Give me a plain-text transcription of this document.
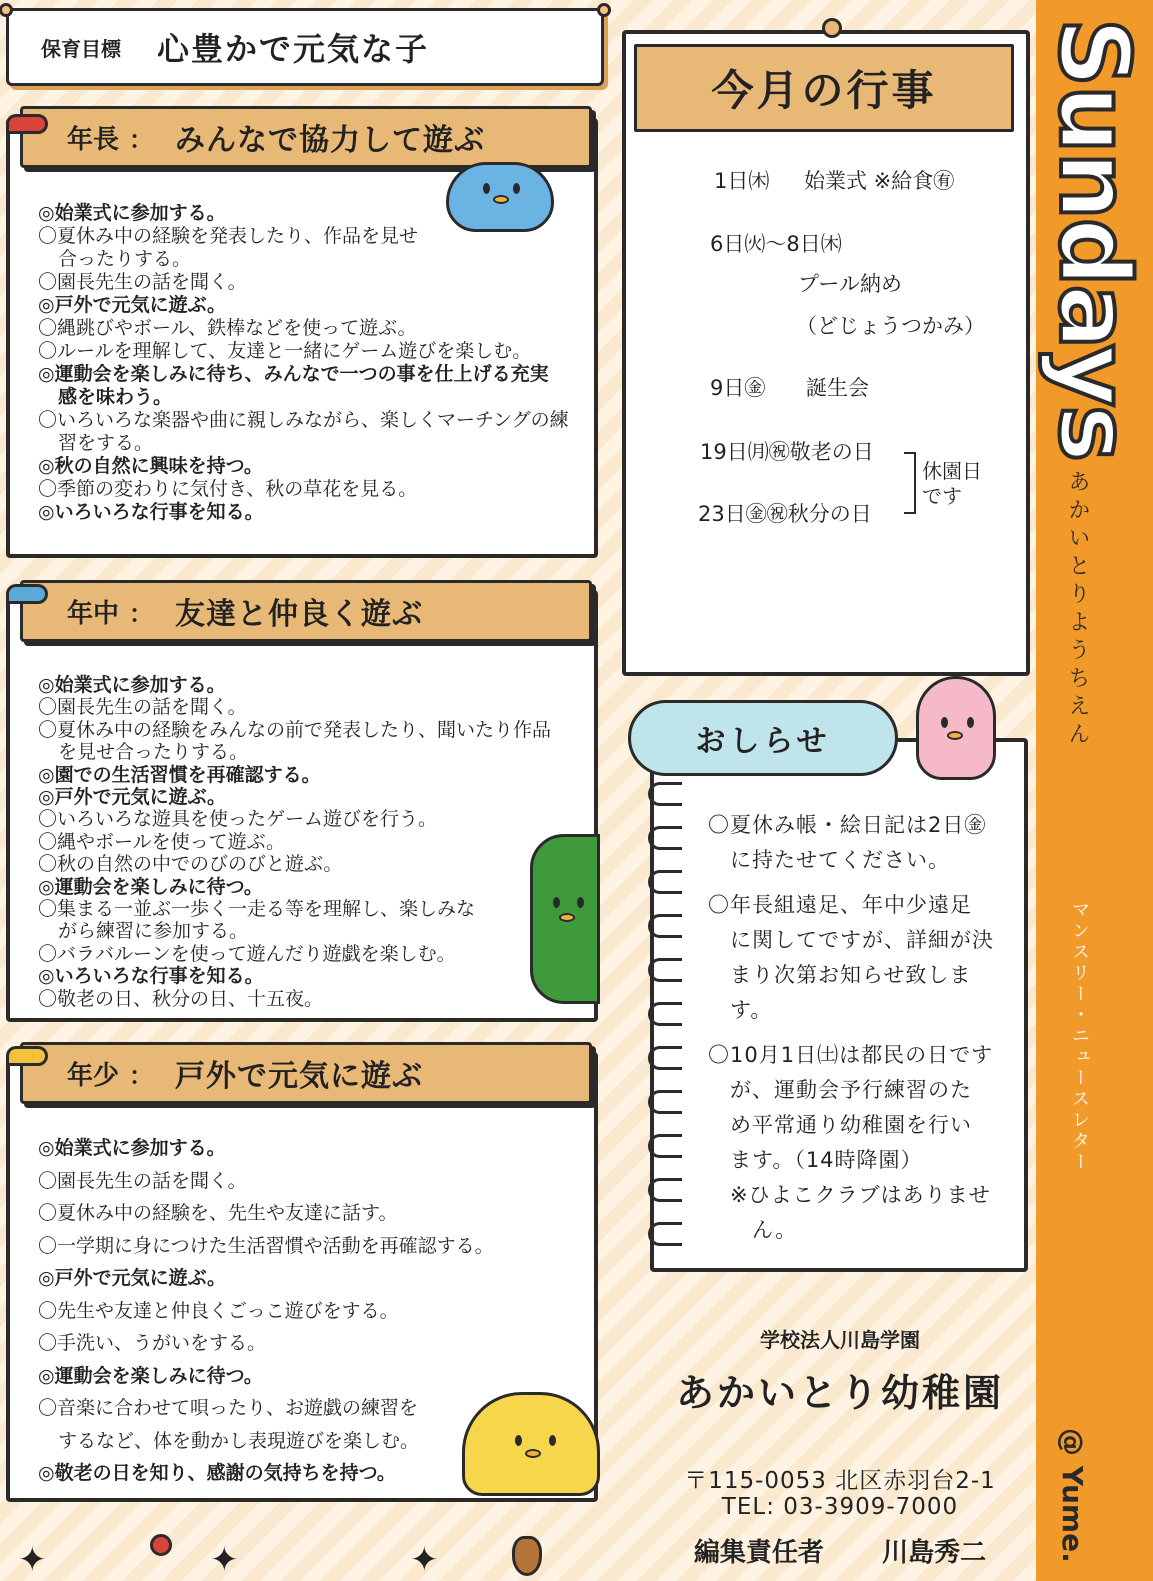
保育目標 心豊かで元気な子
年長 ： みんなで協力して遊ぶ
◎始業式に参加する。
〇夏休み中の経験を発表したり、作品を見せ
合ったりする。
〇園長先生の話を聞く。
◎戸外で元気に遊ぶ。
〇縄跳びやボール、鉄棒などを使って遊ぶ。
〇ルールを理解して、友達と一緒にゲーム遊びを楽しむ。
◎運動会を楽しみに待ち、みんなで一つの事を仕上げる充実
感を味わう。
〇いろいろな楽器や曲に親しみながら、楽しくマーチングの練
習をする。
◎秋の自然に興味を持つ。
〇季節の変わりに気付き、秋の草花を見る。
◎いろいろな行事を知る。
年中 ： 友達と仲良く遊ぶ
◎始業式に参加する。
〇園長先生の話を聞く。
〇夏休み中の経験をみんなの前で発表したり、聞いたり作品
を見せ合ったりする。
◎園での生活習慣を再確認する。
◎戸外で元気に遊ぶ。
〇いろいろな遊具を使ったゲーム遊びを行う。
〇縄やボールを使って遊ぶ。
〇秋の自然の中でのびのびと遊ぶ。
◎運動会を楽しみに待つ。
〇集まる一並ぶ一歩く一走る等を理解し、楽しみな
がら練習に参加する。
〇バラバルーンを使って遊んだり遊戯を楽しむ。
◎いろいろな行事を知る。
〇敬老の日、秋分の日、十五夜。
年少 ： 戸外で元気に遊ぶ
◎始業式に参加する。
〇園長先生の話を聞く。
〇夏休み中の経験を、先生や友達に話す。
〇一学期に身につけた生活習慣や活動を再確認する。
◎戸外で元気に遊ぶ。
〇先生や友達と仲良くごっこ遊びをする。
〇手洗い、うがいをする。
◎運動会を楽しみに待つ。
〇音楽に合わせて唄ったり、お遊戯の練習を
するなど、体を動かし表現遊びを楽しむ。
◎敬老の日を知り、感謝の気持ちを持つ。
今月の行事
1日㈭ 始業式 ※給食㊒
6日㈫～8日㈭
プール納め
（どじょうつかみ）
9日㊎ 誕生会
19日㈪㊗敬老の日
23日㊎㊗秋分の日
休園日
です
おしらせ
〇夏休み帳・絵日記は2日㊎
　に持たせてください。
〇年長組遠足、年中少遠足
　に関してですが、詳細が決
　まり次第お知らせ致しま
　す。
〇10月1日㈯は都民の日です
　が、運動会予行練習のた
　め平常通り幼稚園を行い
　ます。（14時降園）
　※ひよこクラブはありませ
　　ん。
学校法人川島学園
あかいとり幼稚園
〒115-0053 北区赤羽台2-1
TEL: 03-3909-7000
編集責任者 川島秀二
✦	✦	✦
Sundays
あかいとりようちえん
マンスリー・ニュースレター
@ Yume.
